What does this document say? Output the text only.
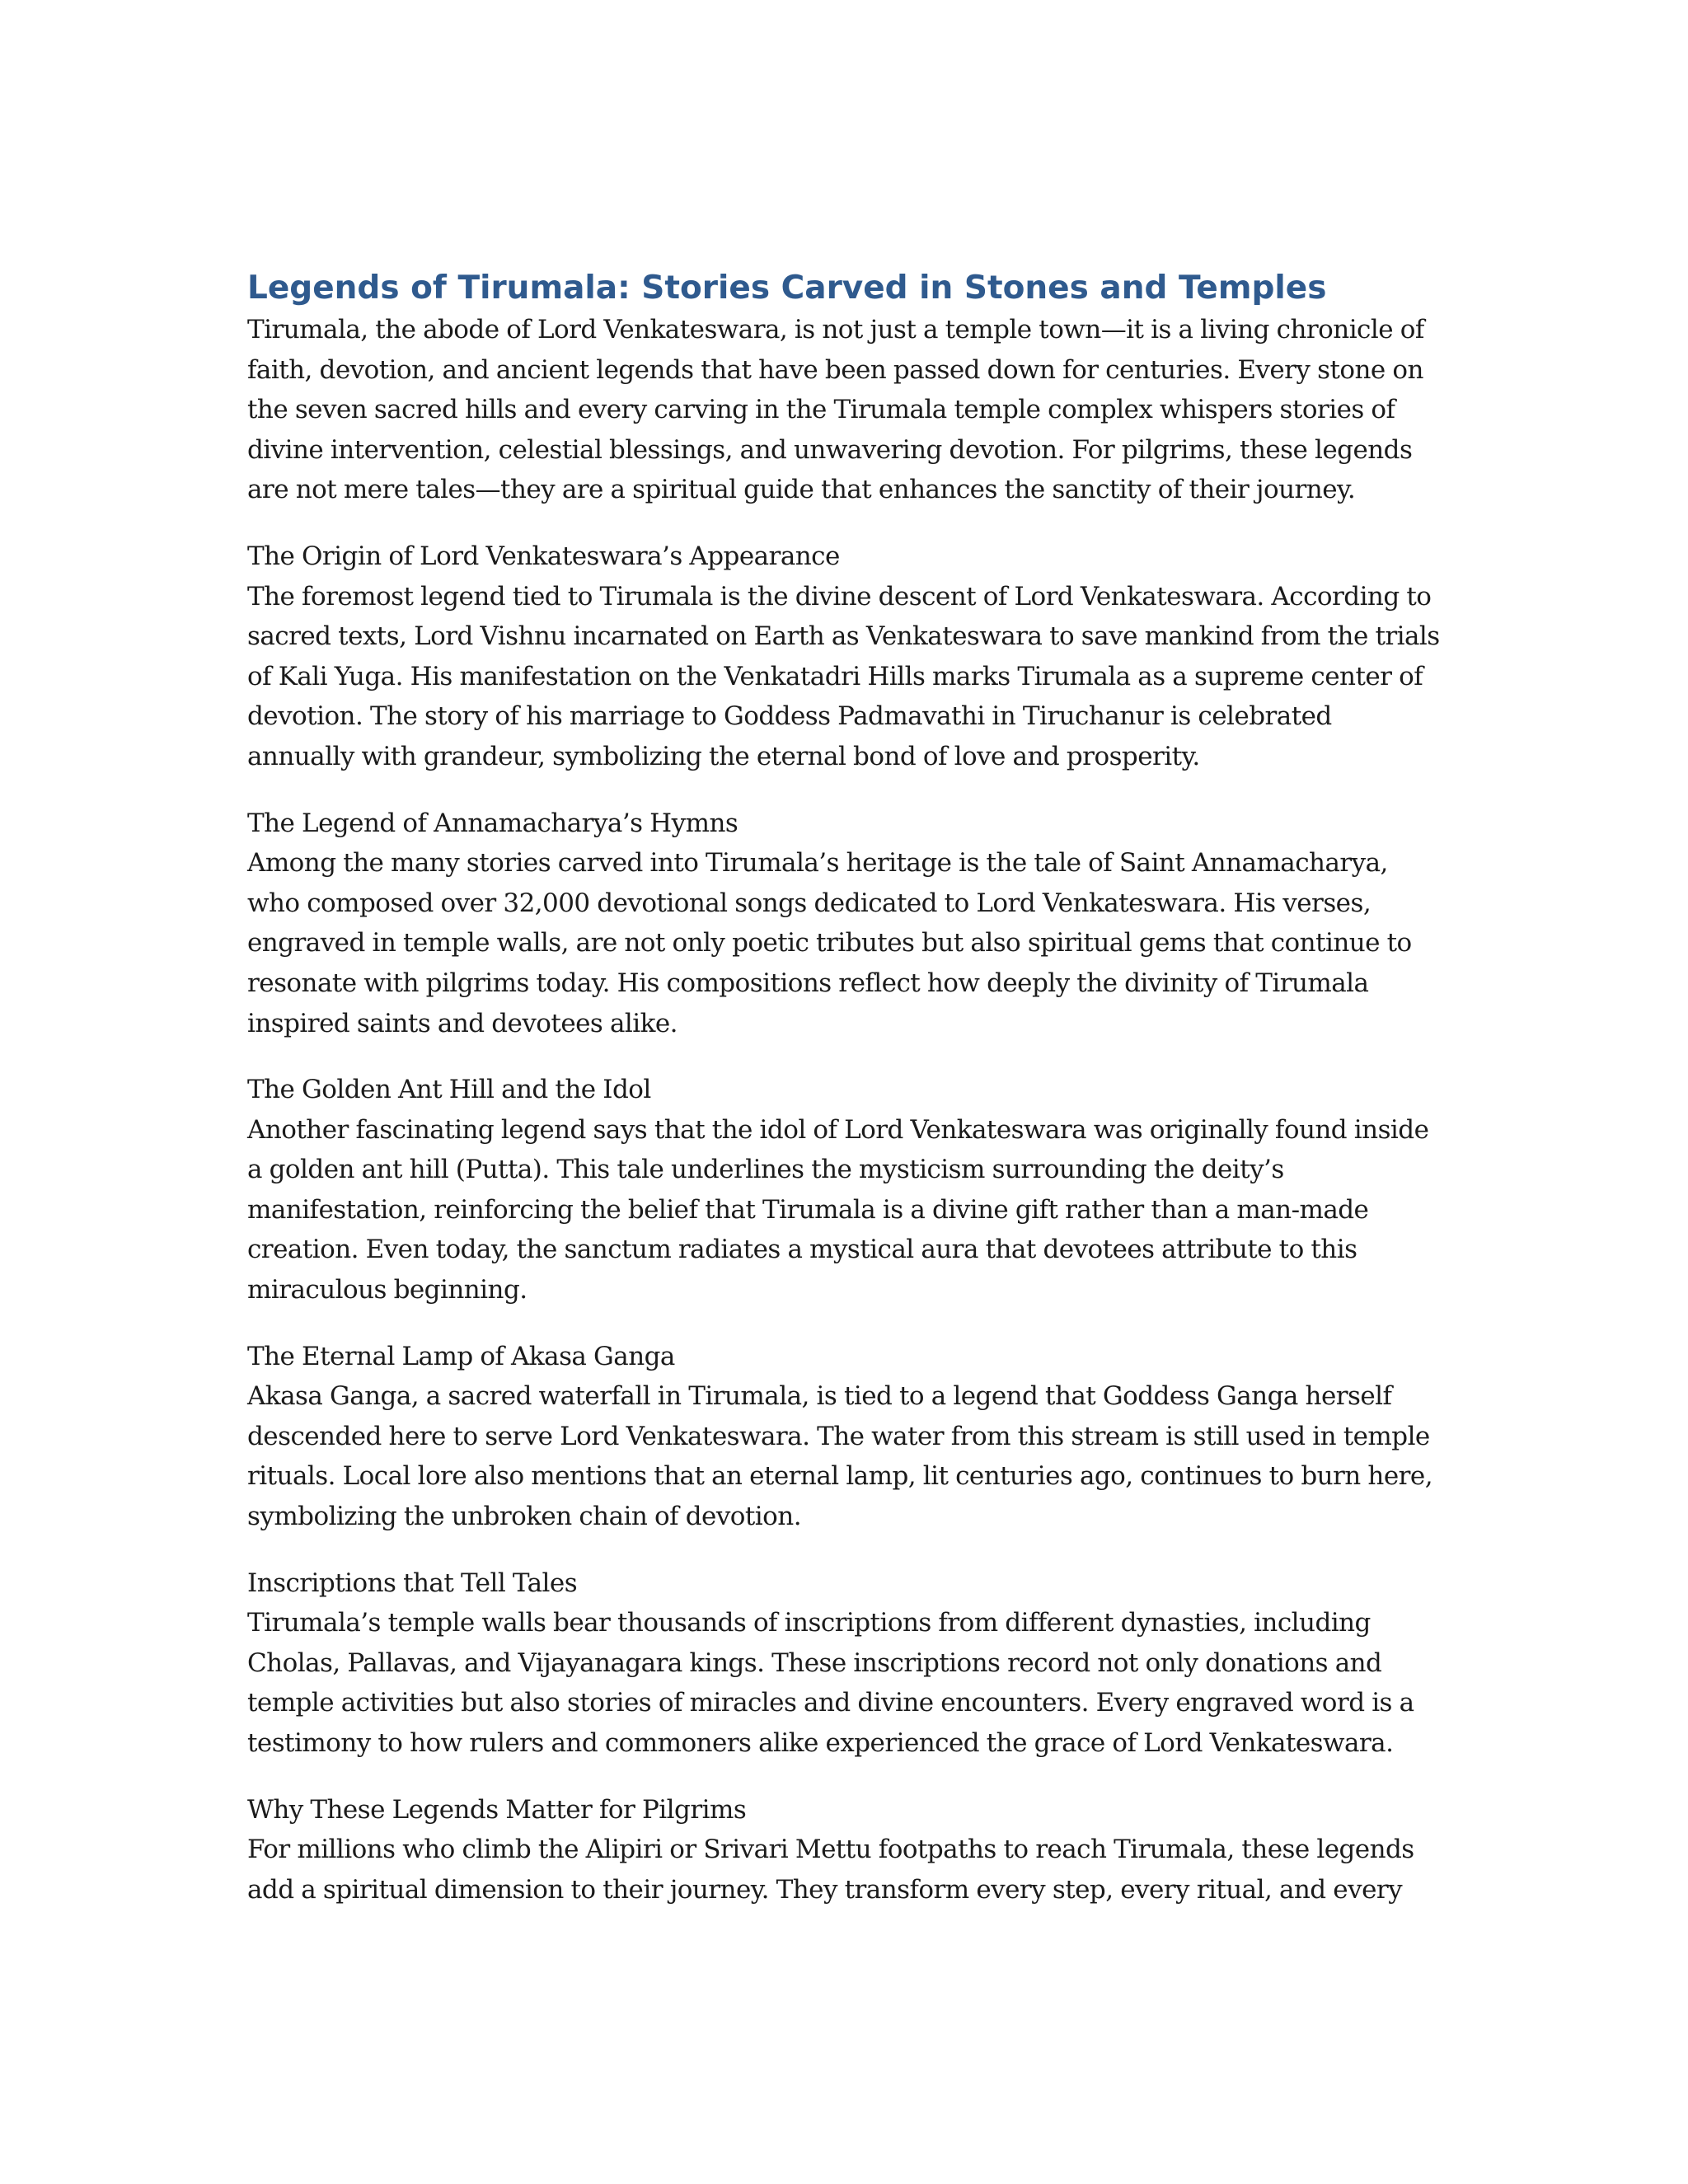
Legends of Tirumala: Stories Carved in Stones and Temples

Tirumala, the abode of Lord Venkateswara, is not just a temple town—it is a living chronicle of faith, devotion, and ancient legends that have been passed down for centuries. Every stone on the seven sacred hills and every carving in the Tirumala temple complex whispers stories of divine intervention, celestial blessings, and unwavering devotion. For pilgrims, these legends are not mere tales—they are a spiritual guide that enhances the sanctity of their journey.

The Origin of Lord Venkateswara’s Appearance

The foremost legend tied to Tirumala is the divine descent of Lord Venkateswara. According to sacred texts, Lord Vishnu incarnated on Earth as Venkateswara to save mankind from the trials of Kali Yuga. His manifestation on the Venkatadri Hills marks Tirumala as a supreme center of devotion. The story of his marriage to Goddess Padmavathi in Tiruchanur is celebrated annually with grandeur, symbolizing the eternal bond of love and prosperity.

The Legend of Annamacharya’s Hymns

Among the many stories carved into Tirumala’s heritage is the tale of Saint Annamacharya, who composed over 32,000 devotional songs dedicated to Lord Venkateswara. His verses, engraved in temple walls, are not only poetic tributes but also spiritual gems that continue to resonate with pilgrims today. His compositions reflect how deeply the divinity of Tirumala inspired saints and devotees alike.

The Golden Ant Hill and the Idol

Another fascinating legend says that the idol of Lord Venkateswara was originally found inside a golden ant hill (Putta). This tale underlines the mysticism surrounding the deity’s manifestation, reinforcing the belief that Tirumala is a divine gift rather than a man-made creation. Even today, the sanctum radiates a mystical aura that devotees attribute to this miraculous beginning.

The Eternal Lamp of Akasa Ganga

Akasa Ganga, a sacred waterfall in Tirumala, is tied to a legend that Goddess Ganga herself descended here to serve Lord Venkateswara. The water from this stream is still used in temple rituals. Local lore also mentions that an eternal lamp, lit centuries ago, continues to burn here, symbolizing the unbroken chain of devotion.

Inscriptions that Tell Tales

Tirumala’s temple walls bear thousands of inscriptions from different dynasties, including Cholas, Pallavas, and Vijayanagara kings. These inscriptions record not only donations and temple activities but also stories of miracles and divine encounters. Every engraved word is a testimony to how rulers and commoners alike experienced the grace of Lord Venkateswara.

Why These Legends Matter for Pilgrims

For millions who climb the Alipiri or Srivari Mettu footpaths to reach Tirumala, these legends add a spiritual dimension to their journey. They transform every step, every ritual, and every
